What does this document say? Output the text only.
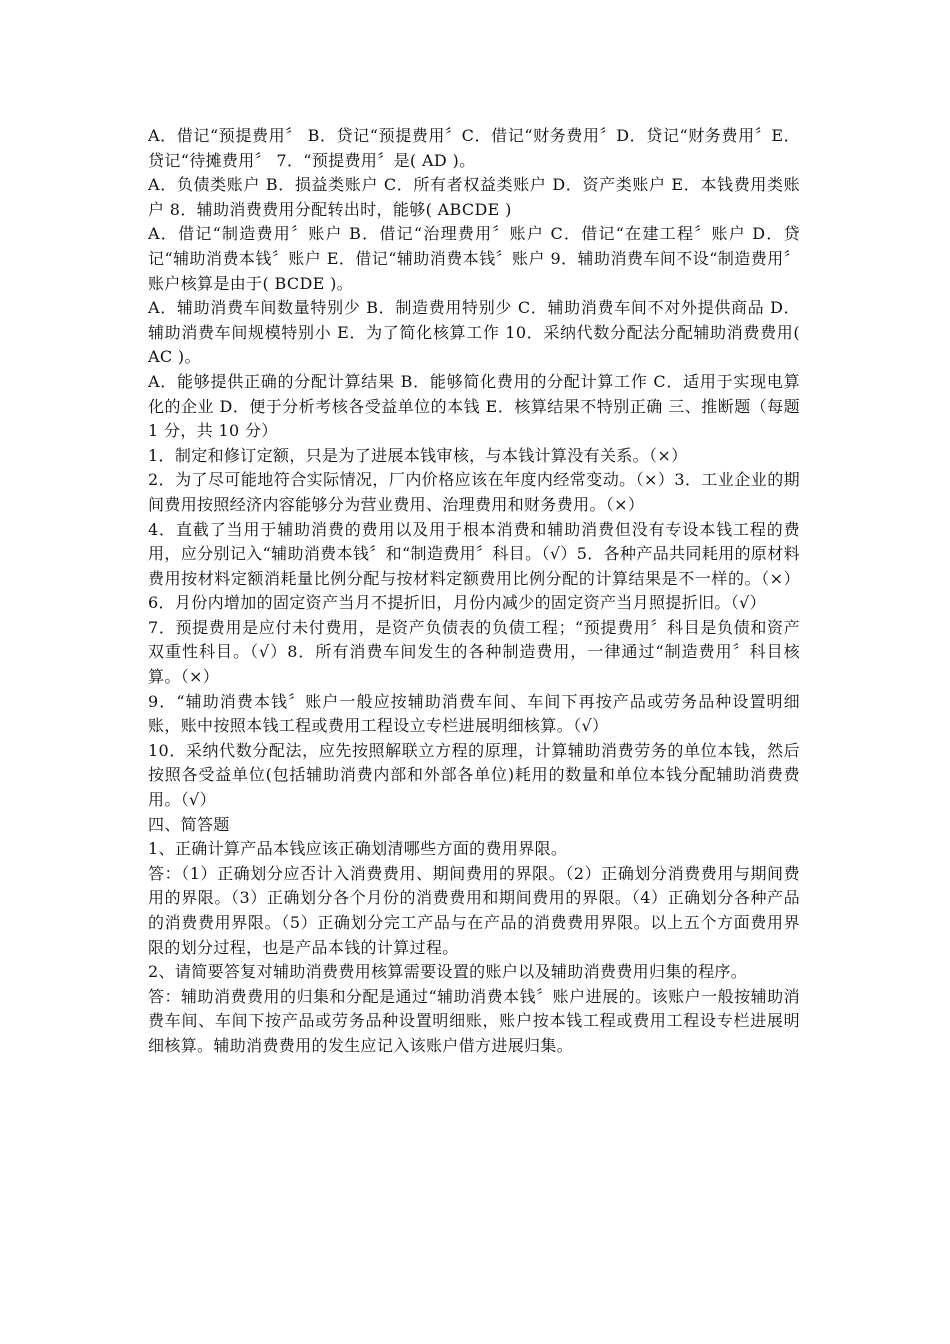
A．借记“预提费用〞 B．贷记“预提费用〞C．借记“财务费用〞D．贷记“财务费用〞E．贷记“待摊费用〞 7．“预提费用〞是( AD )。

A．负债类账户 B．损益类账户 C．所有者权益类账户 D．资产类账户 E．本钱费用类账户 8．辅助消费费用分配转出时，能够( ABCDE )

A．借记“制造费用〞账户 B．借记“治理费用〞账户 C．借记“在建工程〞账户 D．贷记“辅助消费本钱〞账户 E．借记“辅助消费本钱〞账户 9．辅助消费车间不设“制造费用〞账户核算是由于( BCDE )。

A．辅助消费车间数量特别少 B．制造费用特别少 C．辅助消费车间不对外提供商品 D．辅助消费车间规模特别小 E．为了简化核算工作 10．采纳代数分配法分配辅助消费费用( AC )。

A．能够提供正确的分配计算结果 B．能够简化费用的分配计算工作 C．适用于实现电算化的企业 D．便于分析考核各受益单位的本钱 E．核算结果不特别正确 三、推断题（每题 1 分，共 10 分）

1．制定和修订定额，只是为了进展本钱审核，与本钱计算没有关系。（×）

2．为了尽可能地符合实际情况，厂内价格应该在年度内经常变动。（×）3．工业企业的期间费用按照经济内容能够分为营业费用、治理费用和财务费用。（×）

4．直截了当用于辅助消费的费用以及用于根本消费和辅助消费但没有专设本钱工程的费用，应分别记入“辅助消费本钱〞和“制造费用〞科目。（√）5．各种产品共同耗用的原材料费用按材料定额消耗量比例分配与按材料定额费用比例分配的计算结果是不一样的。（×）6．月份内增加的固定资产当月不提折旧，月份内减少的固定资产当月照提折旧。（√）

7．预提费用是应付未付费用，是资产负债表的负债工程；“预提费用〞科目是负债和资产双重性科目。（√）8．所有消费车间发生的各种制造费用，一律通过“制造费用〞科目核算。（×）

9．“辅助消费本钱〞账户一般应按辅助消费车间、车间下再按产品或劳务品种设置明细账，账中按照本钱工程或费用工程设立专栏进展明细核算。（√）

10．采纳代数分配法，应先按照解联立方程的原理，计算辅助消费劳务的单位本钱，然后按照各受益单位(包括辅助消费内部和外部各单位)耗用的数量和单位本钱分配辅助消费费用。（√）

四、简答题

1、正确计算产品本钱应该正确划清哪些方面的费用界限。

答：（1）正确划分应否计入消费费用、期间费用的界限。（2）正确划分消费费用与期间费用的界限。（3）正确划分各个月份的消费费用和期间费用的界限。（4）正确划分各种产品的消费费用界限。（5）正确划分完工产品与在产品的消费费用界限。以上五个方面费用界限的划分过程，也是产品本钱的计算过程。

2、请简要答复对辅助消费费用核算需要设置的账户以及辅助消费费用归集的程序。

答：辅助消费费用的归集和分配是通过“辅助消费本钱〞账户进展的。该账户一般按辅助消费车间、车间下按产品或劳务品种设置明细账，账户按本钱工程或费用工程设专栏进展明细核算。辅助消费费用的发生应记入该账户借方进展归集。
